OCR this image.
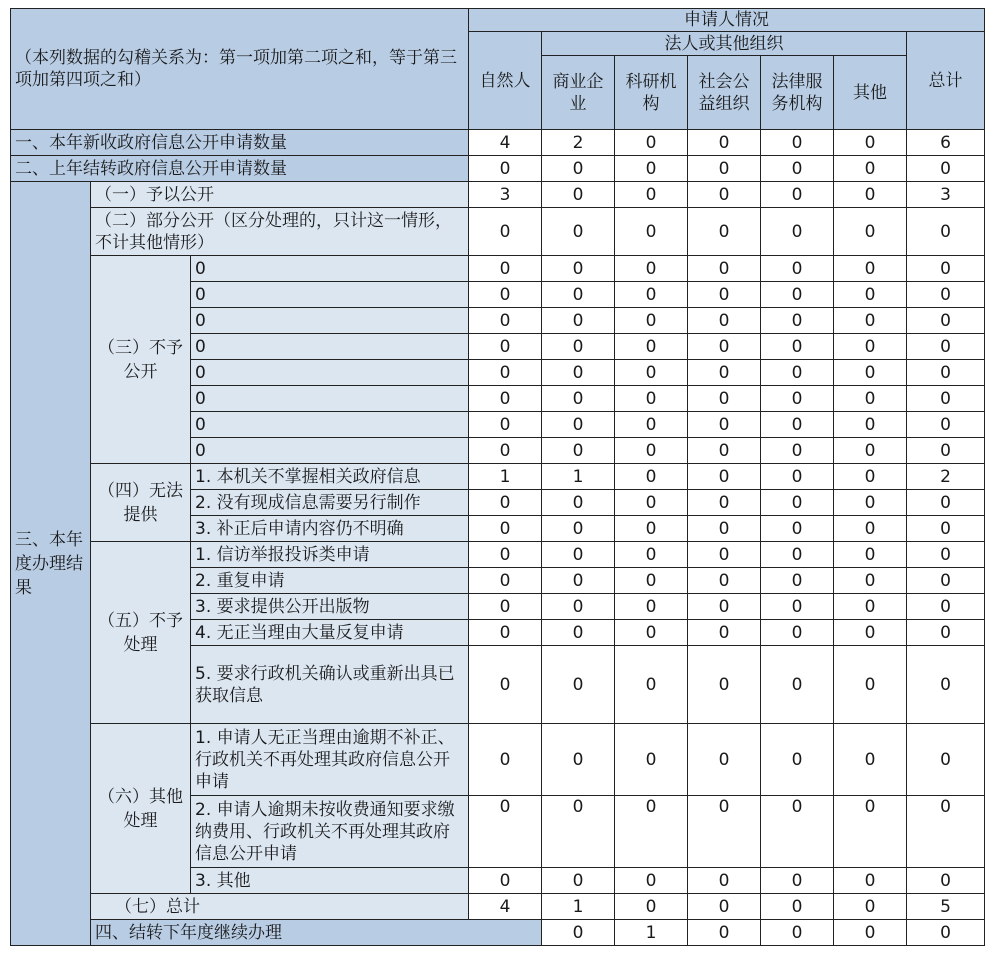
（本列数据的勾稽关系为：第一项加第二项之和，等于第三项加第四项之和）			申请人情况							
			自然人	法人或其他组织					总计	
				商业企业	科研机构	社会公益组织	法律服务机构	其他		

一、本年新收政府信息公开申请数量			4	2	0	0	0	0	6	
二、上年结转政府信息公开申请数量			0	0	0	0	0	0	0	
三、本年度办理结果	（一）予以公开		3	0	0	0	0	0	3	
	（二）部分公开（区分处理的，只计这一情形，不计其他情形）		0	0	0	0	0	0	0	
	（三）不予公开	0	0	0	0	0	0	0	0	
		0	0	0	0	0	0	0	0	
		0	0	0	0	0	0	0	0	
		0	0	0	0	0	0	0	0	
		0	0	0	0	0	0	0	0	
		0	0	0	0	0	0	0	0	
		0	0	0	0	0	0	0	0	
		0	0	0	0	0	0	0	0	
	（四）无法提供	1. 本机关不掌握相关政府信息	1	1	0	0	0	0	2	
		2. 没有现成信息需要另行制作	0	0	0	0	0	0	0	
		3. 补正后申请内容仍不明确	0	0	0	0	0	0	0	
	（五）不予处理	1. 信访举报投诉类申请	0	0	0	0	0	0	0	
		2. 重复申请	0	0	0	0	0	0	0	
		3. 要求提供公开出版物	0	0	0	0	0	0	0	
		4. 无正当理由大量反复申请	0	0	0	0	0	0	0	
		5. 要求行政机关确认或重新出具已获取信息	0	0	0	0	0	0	0	
	（六）其他处理	1. 申请人无正当理由逾期不补正、行政机关不再处理其政府信息公开申请	0	0	0	0	0	0	0	
		2. 申请人逾期未按收费通知要求缴纳费用、行政机关不再处理其政府信息公开申请	0	0	0	0	0	0	0	
		3. 其他	0	0	0	0	0	0	0	
	（七）总计		4	1	0	0	0	0	5	
	四、结转下年度继续办理			0	1	0	0	0	0	
